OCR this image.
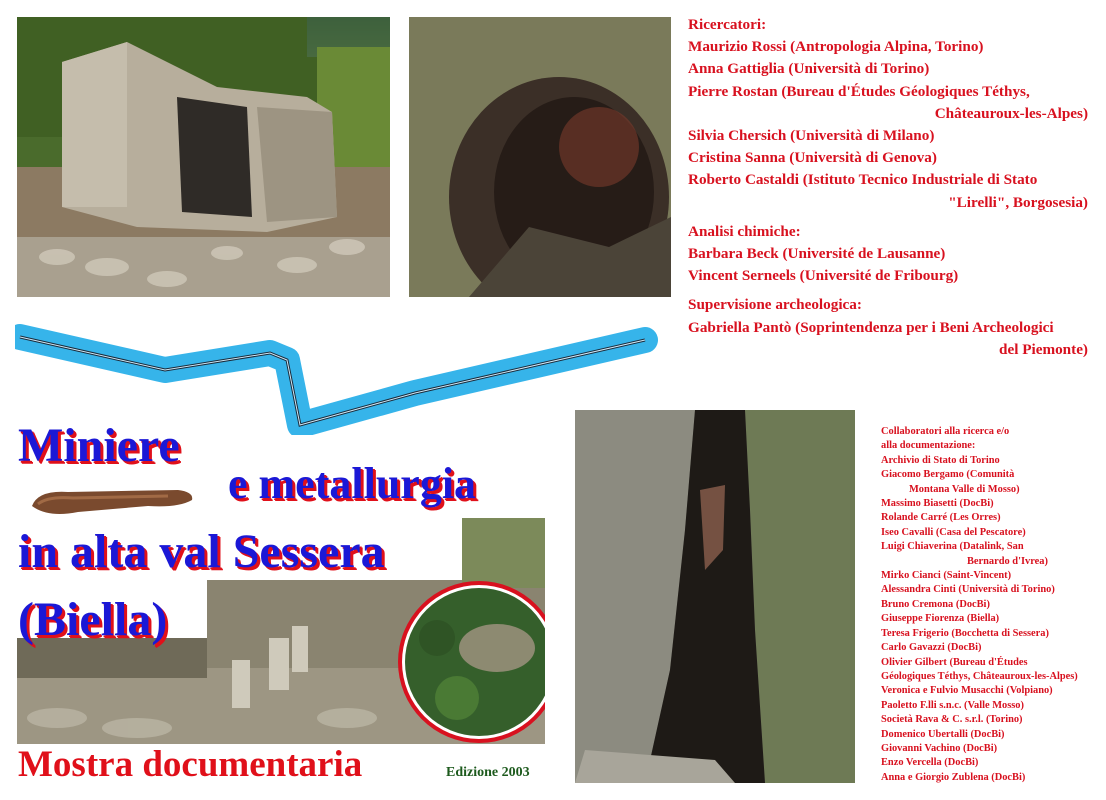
Ricercatori:
Maurizio Rossi (Antropologia Alpina, Torino)
Anna Gattiglia (Università di Torino)
Pierre Rostan (Bureau d'Études Géologiques Téthys,
Châteauroux-les-Alpes)
Silvia Chersich (Università di Milano)
Cristina Sanna (Università di Genova)
Roberto Castaldi (Istituto Tecnico Industriale di Stato
"Lirelli", Borgosesia)
Analisi chimiche:
Barbara Beck (Université de Lausanne)
Vincent Serneels (Université de Fribourg)
Supervisione archeologica:
Gabriella Pantò (Soprintendenza per i Beni Archeologici
del Piemonte)
Collaboratori alla ricerca e/o
alla documentazione:
Archivio di Stato di Torino
Giacomo Bergamo (Comunità
Montana Valle di Mosso)
Massimo Biasetti (DocBi)
Rolande Carré (Les Orres)
Iseo Cavalli (Casa del Pescatore)
Luigi Chiaverina (Datalink, San
Bernardo d'Ivrea)
Mirko Cianci (Saint-Vincent)
Alessandra Cinti (Università di Torino)
Bruno Cremona (DocBi)
Giuseppe Fiorenza (Biella)
Teresa Frigerio (Bocchetta di Sessera)
Carlo Gavazzi (DocBi)
Olivier Gilbert (Bureau d'Études
Géologiques Téthys, Châteauroux-les-Alpes)
Veronica e Fulvio Musacchi (Volpiano)
Paoletto F.lli s.n.c. (Valle Mosso)
Società Rava & C. s.r.l. (Torino)
Domenico Ubertalli (DocBi)
Giovanni Vachino (DocBi)
Enzo Vercella (DocBi)
Anna e Giorgio Zublena (DocBi)
Miniere
e metallurgia
in alta val Sessera
(Biella)
Mostra documentaria	Edizione 2003
